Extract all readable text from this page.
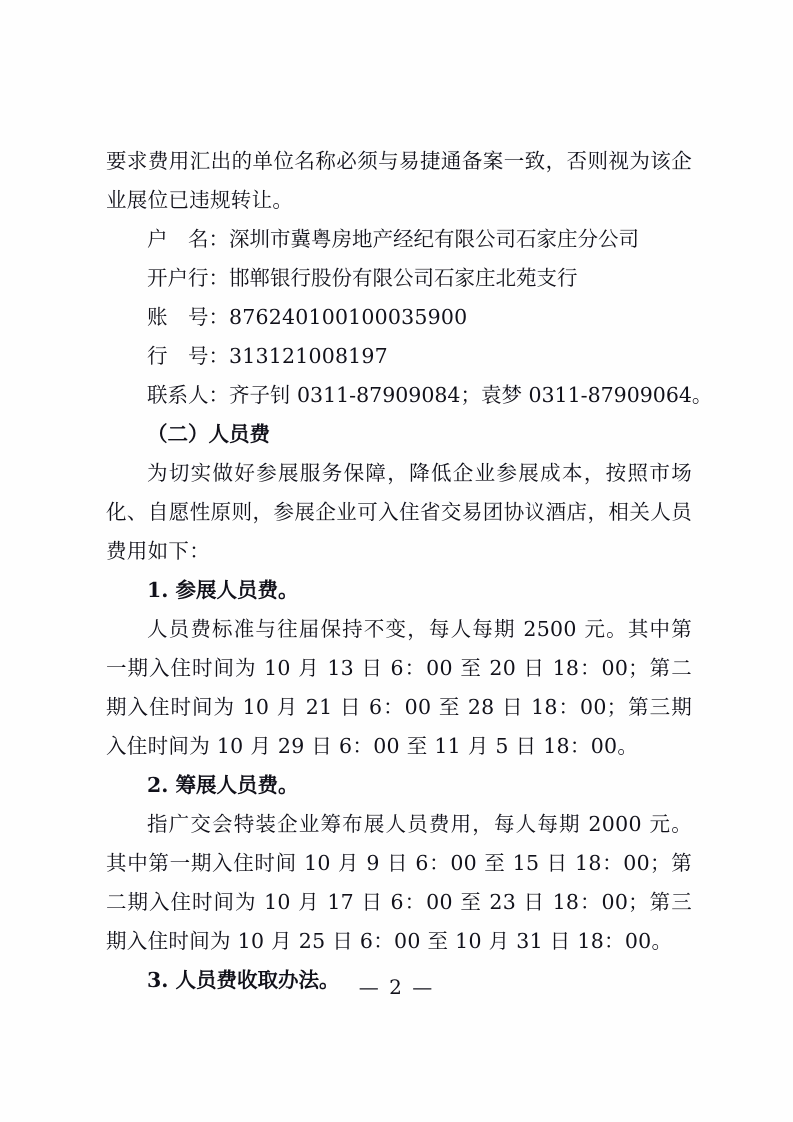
要求费用汇出的单位名称必须与易捷通备案一致，否则视为该企业展位已违规转让。

户　名：深圳市冀粤房地产经纪有限公司石家庄分公司
开户行：邯郸银行股份有限公司石家庄北苑支行
账　号：876240100100035900
行　号：313121008197
联系人：齐子钊 0311-87909084；袁梦 0311-87909064。

（二）人员费

为切实做好参展服务保障，降低企业参展成本，按照市场化、自愿性原则，参展企业可入住省交易团协议酒店，相关人员费用如下：

1. 参展人员费。

人员费标准与往届保持不变，每人每期 2500 元。其中第一期入住时间为 10 月 13 日 6：00 至 20 日 18：00；第二期入住时间为 10 月 21 日 6：00 至 28 日 18：00；第三期入住时间为 10 月 29 日 6：00 至 11 月 5 日 18：00。

2. 筹展人员费。

指广交会特装企业筹布展人员费用，每人每期 2000 元。其中第一期入住时间 10 月 9 日 6：00 至 15 日 18：00；第二期入住时间为 10 月 17 日 6：00 至 23 日 18：00；第三期入住时间为 10 月 25 日 6：00 至 10 月 31 日 18：00。

3. 人员费收取办法。 — 2 —
